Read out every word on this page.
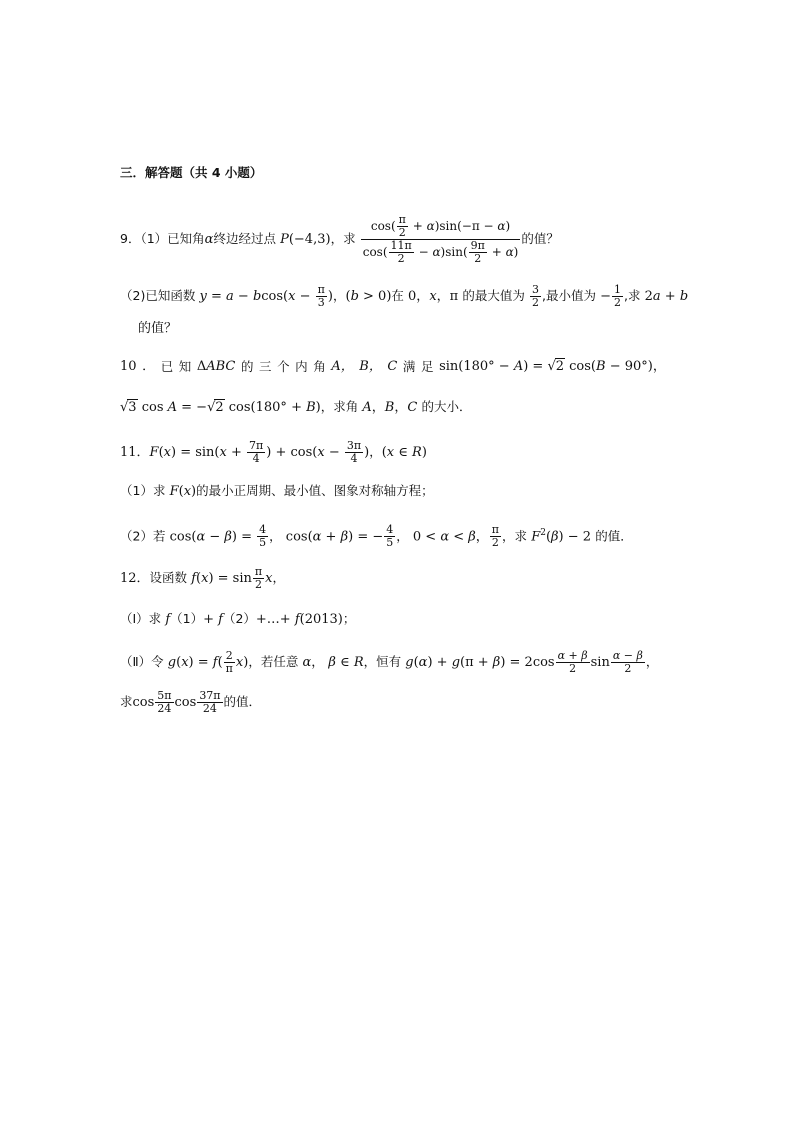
三．解答题（共 4 小题）
9．（1）已知角α终边经过点 P(−4,3)，求 $\frac{\cos( \frac{\pi}{2} + \alpha)\sin(-\pi - \alpha)}{\cos( \frac{11\pi}{2} - \alpha)\sin( \frac{9\pi}{2} + \alpha)}$ 的值？
（2)已知函数 $y = a - bcos(x - \frac{\pi}{3}$ )，(b > 0)在 0，x，π 的最大值为 $\frac{3}{2}$ ,最小值为 − $\frac{1}{2}$ ,求 2a + b
的值？
10 ． 已 知 ΔABC 的 三 个 内 角 A， B， C 满 足 sin(180° − A) = √2 cos(B − 90°)，
√3 cos A = −√2 cos(180° + B)，求角 A，B，C 的大小．
11．$F(x) = \sin(x + \frac{7\pi}{4}$ ) + $\cos(x - \frac{3\pi}{4}$ )，(x ∈ R)
（1）求 F(x)的最小正周期、最小值、图象对称轴方程；
（2）若 $\cos(\alpha - \beta) = \frac{4}{5}$ ， cos(α + β) = − $\frac{4}{5}$ ， 0 < α < β， $\frac{\pi}{2}$ ，求 $F^2(\beta) - 2$ 的值．
12．设函数 $f(x) = \sin \frac{\pi}{2}$ x，
（Ⅰ）求 f（1）+ f（2）+…+ f(2013)；
（Ⅱ）令 $g(x) = f( \frac{2}{\pi} x)$，若任意 α， β ∈ R，恒有 $g(\alpha) + g(\pi + \beta) = 2\cos \frac{\alpha + \beta}{2}$ $\sin \frac{\alpha - \beta}{2}$ ，
求$\cos \frac{5\pi}{24}$ $\cos \frac{37\pi}{24}$ 的值．
